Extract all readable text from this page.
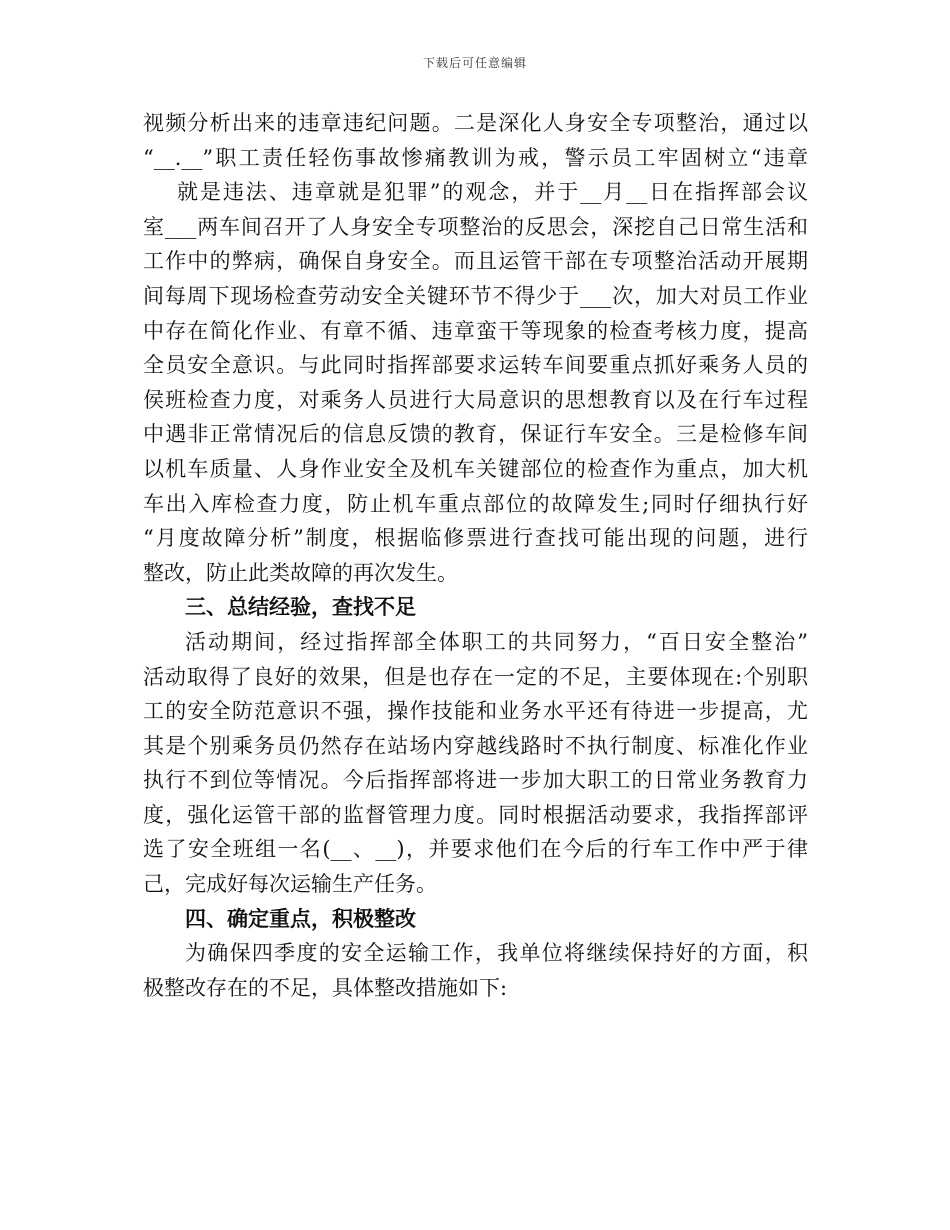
下载后可任意编辑
视频分析出来的违章违纪问题。二是深化人身安全专项整治，通过以
“__.__”职工责任轻伤事故惨痛教训为戒，警示员工牢固树立“违章
就是违法、违章就是犯罪”的观念，并于__月__日在指挥部会议
室___两车间召开了人身安全专项整治的反思会，深挖自己日常生活和
工作中的弊病，确保自身安全。而且运管干部在专项整治活动开展期
间每周下现场检查劳动安全关键环节不得少于___次，加大对员工作业
中存在简化作业、有章不循、违章蛮干等现象的检查考核力度，提高
全员安全意识。与此同时指挥部要求运转车间要重点抓好乘务人员的
侯班检查力度，对乘务人员进行大局意识的思想教育以及在行车过程
中遇非正常情况后的信息反馈的教育，保证行车安全。三是检修车间
以机车质量、人身作业安全及机车关键部位的检查作为重点，加大机
车出入库检查力度，防止机车重点部位的故障发生;同时仔细执行好
“月度故障分析”制度，根据临修票进行查找可能出现的问题，进行
整改，防止此类故障的再次发生。
三、总结经验，查找不足
活动期间，经过指挥部全体职工的共同努力，“百日安全整治”
活动取得了良好的效果，但是也存在一定的不足，主要体现在:个别职
工的安全防范意识不强，操作技能和业务水平还有待进一步提高，尤
其是个别乘务员仍然存在站场内穿越线路时不执行制度、标准化作业
执行不到位等情况。今后指挥部将进一步加大职工的日常业务教育力
度，强化运管干部的监督管理力度。同时根据活动要求，我指挥部评
选了安全班组一名(__、__)，并要求他们在今后的行车工作中严于律
己，完成好每次运输生产任务。
四、确定重点，积极整改
为确保四季度的安全运输工作，我单位将继续保持好的方面，积
极整改存在的不足，具体整改措施如下:
